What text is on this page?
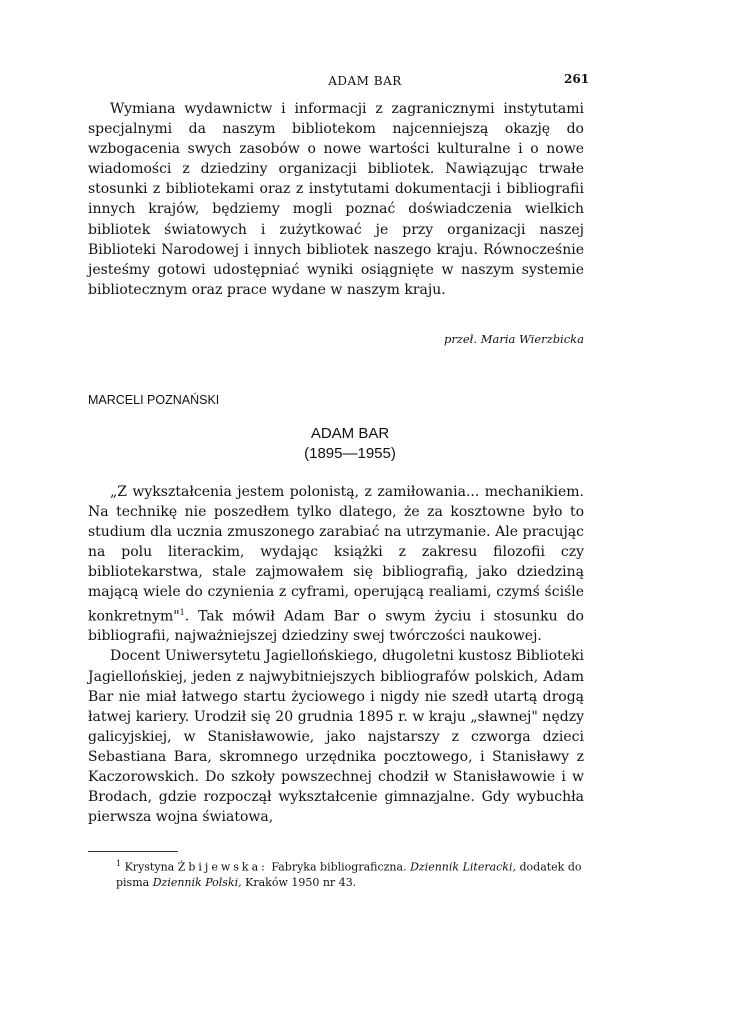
ADAM BAR	261

Wymiana wydawnictw i informacji z zagranicznymi instytutami specjalnymi da naszym bibliotekom najcenniejszą okazję do wzbogacenia swych zasobów o nowe wartości kulturalne i o nowe wiadomości z dziedziny organizacji bibliotek. Nawiązując trwałe stosunki z bibliotekami oraz z instytutami dokumentacji i bibliografii innych krajów, będziemy mogli poznać doświadczenia wielkich bibliotek światowych i zużytkować je przy organizacji naszej Biblioteki Narodowej i innych bibliotek naszego kraju. Równocześnie jesteśmy gotowi udostępniać wyniki osiągnięte w naszym systemie bibliotecznym oraz prace wydane w naszym kraju.

przeł. Maria Wierzbicka
MARCELI POZNAŃSKI
ADAM BAR
(1895—1955)

„Z wykształcenia jestem polonistą, z zamiłowania... mechanikiem. Na technikę nie poszedłem tylko dlatego, że za kosztowne było to studium dla ucznia zmuszonego zarabiać na utrzymanie. Ale pracując na polu literackim, wydając książki z zakresu filozofii czy bibliotekarstwa, stale zajmowałem się bibliografią, jako dziedziną mającą wiele do czynienia z cyframi, operującą realiami, czymś ściśle konkretnym"$^1$. Tak mówił Adam Bar o swym życiu i stosunku do bibliografii, najważniejszej dziedziny swej twórczości naukowej.

Docent Uniwersytetu Jagiellońskiego, długoletni kustosz Biblioteki Jagiellońskiej, jeden z najwybitniejszych bibliografów polskich, Adam Bar nie miał łatwego startu życiowego i nigdy nie szedł utartą drogą łatwej kariery. Urodził się 20 grudnia 1895 r. w kraju „sławnej" nędzy galicyjskiej, w Stanisławowie, jako najstarszy z czworga dzieci Sebastiana Bara, skromnego urzędnika pocztowego, i Stanisławy z Kaczorowskich. Do szkoły powszechnej chodził w Stanisławowie i w Brodach, gdzie rozpoczął wykształcenie gimnazjalne. Gdy wybuchła pierwsza wojna światowa,

$^1$ Krystyna Żbijewska: Fabryka bibliograficzna. Dziennik Literacki, dodatek do pisma Dziennik Polski, Kraków 1950 nr 43.
